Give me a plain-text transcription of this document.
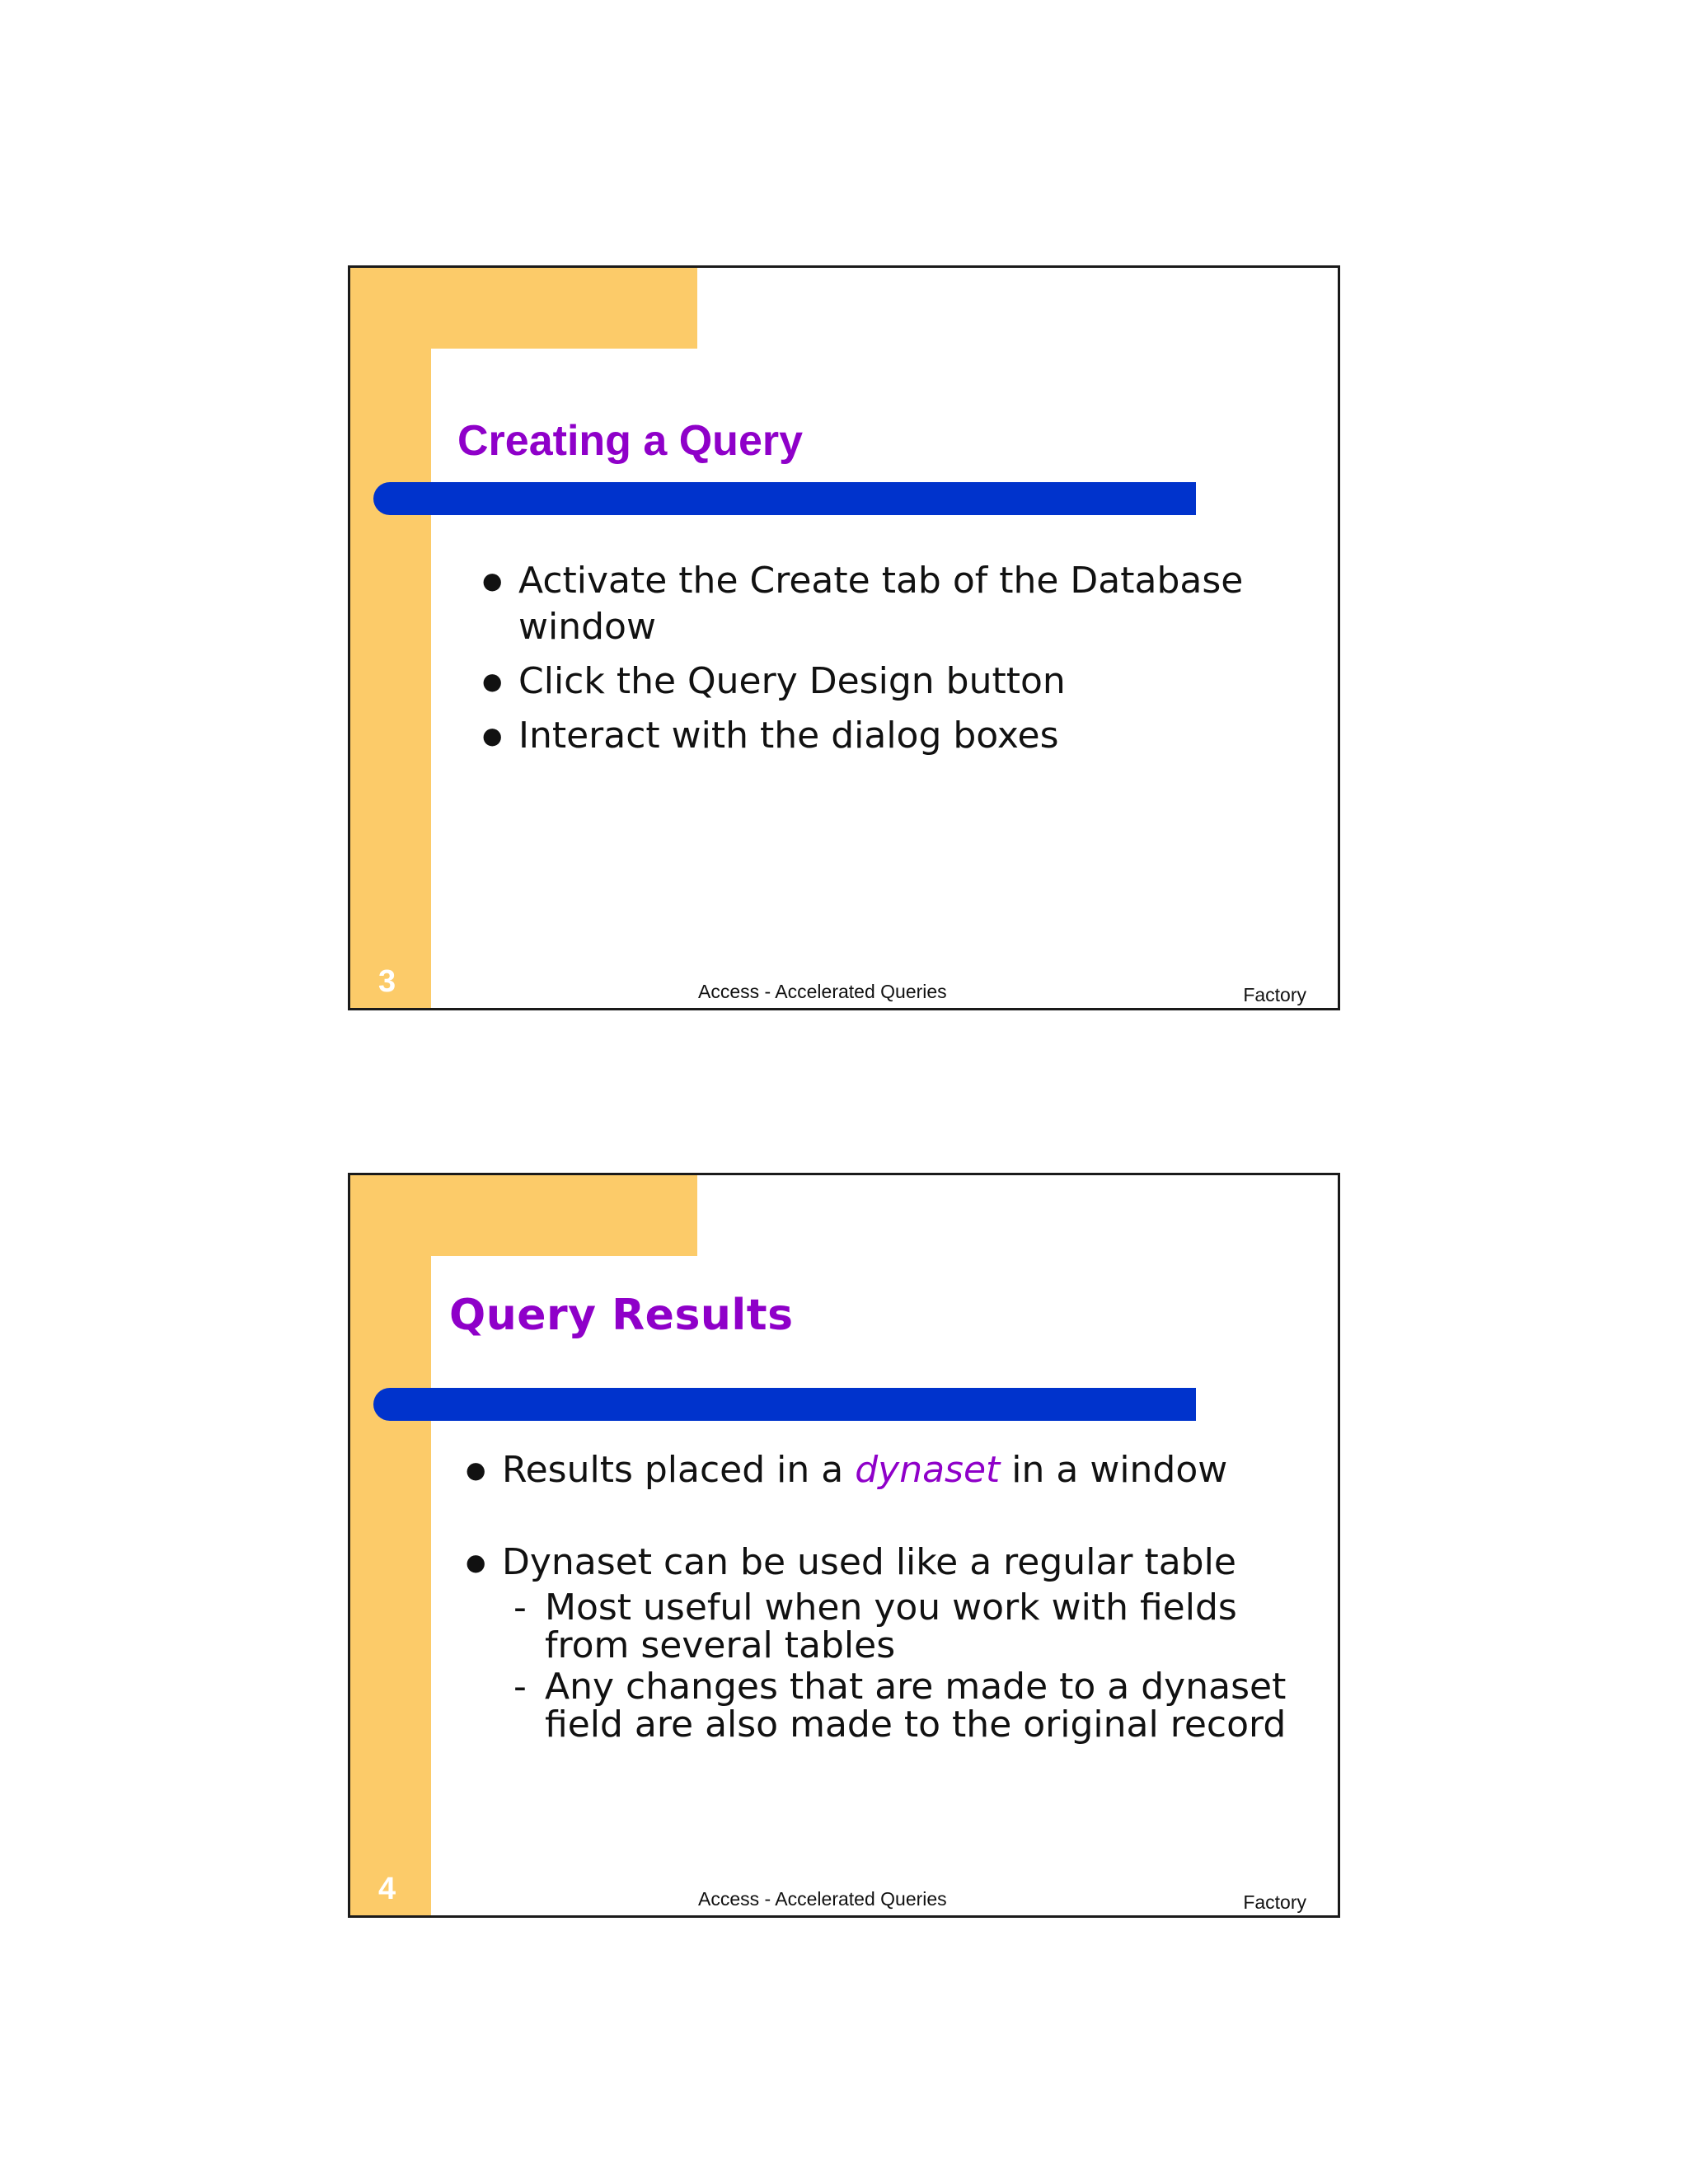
Creating a Query
● Activate the Create tab of the Database window
● Click the Query Design button
● Interact with the dialog boxes
3	Access - Accelerated Queries	Factory
Query Results
● Results placed in a dynaset in a window
● Dynaset can be used like a regular table
- Most useful when you work with fields from several tables
- Any changes that are made to a dynaset field are also made to the original record
4	Access - Accelerated Queries	Factory
